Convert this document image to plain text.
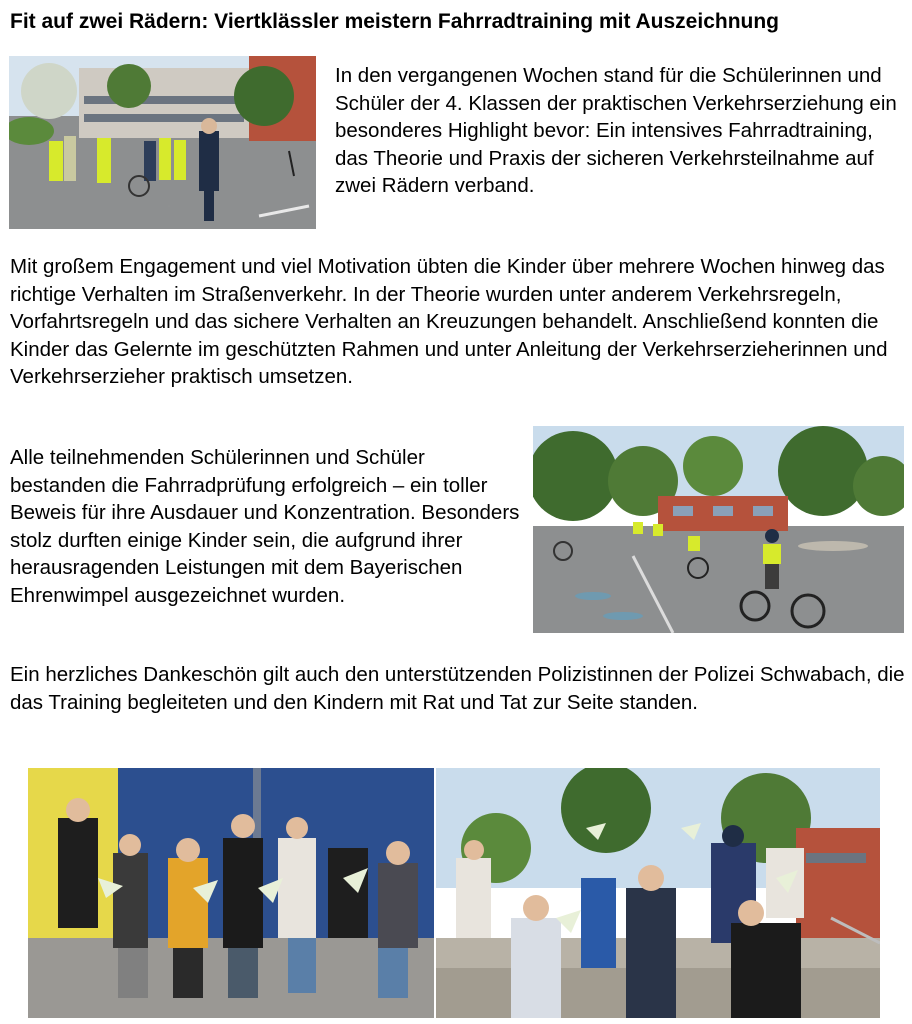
Fit auf zwei Rädern: Viertklässler meistern Fahrradtraining mit Auszeichnung
In den vergangenen Wochen stand für die Schülerinnen und Schüler der 4. Klassen der praktischen Verkehrserziehung ein besonderes Highlight bevor: Ein intensives Fahrradtraining, das Theorie und Praxis der sicheren Verkehrsteilnahme auf zwei Rädern verband.
Mit großem Engagement und viel Motivation übten die Kinder über mehrere Wochen hinweg das richtige Verhalten im Straßenverkehr. In der Theorie wurden unter anderem Verkehrsregeln, Vorfahrtsregeln und das sichere Verhalten an Kreuzungen behandelt. Anschließend konnten die Kinder das Gelernte im geschützten Rahmen und unter Anleitung der Verkehrserzieherinnen und Verkehrserzieher praktisch umsetzen.
Alle teilnehmenden Schülerinnen und Schüler bestanden die Fahrradprüfung erfolgreich – ein toller Beweis für ihre Ausdauer und Konzentration. Besonders stolz durften einige Kinder sein, die aufgrund ihrer herausragenden Leistungen mit dem Bayerischen Ehrenwimpel ausgezeichnet wurden.
Ein herzliches Dankeschön gilt auch den unterstützenden Polizistinnen der Polizei Schwabach, die das Training begleiteten und den Kindern mit Rat und Tat zur Seite standen.
